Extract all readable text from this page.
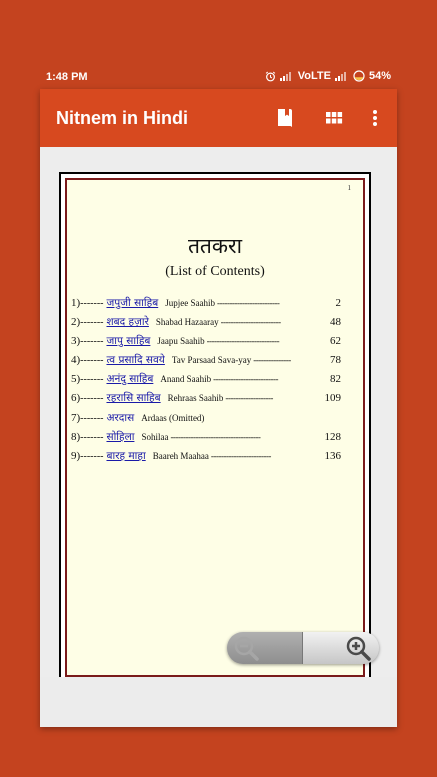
1:48 PM	VoLTE	54%
Nitnem in Hindi
1
ततकरा
(List of Contents)
1) ------- जपुजी साहिब Jupjee Saahib -------------------------	2
2) ------- शबद हज़ारे Shabad Hazaaray ------------------------	48
3) ------- जापु साहिब Jaapu Saahib -----------------------------	62
4) ------- त्व प्रसादि सवये Tav Parsaad Sava-yay ---------------	78
5) ------- अनंदु साहिब Anand Saahib --------------------------	82
6) ------- रहरासि साहिब Rehraas Saahib -------------------	109
7) ------- अरदास Ardaas (Omitted)
8) ------- सोहिला Sohilaa ------------------------------------	128
9) ------- बारह माहा Baareh Maahaa ------------------------	136
